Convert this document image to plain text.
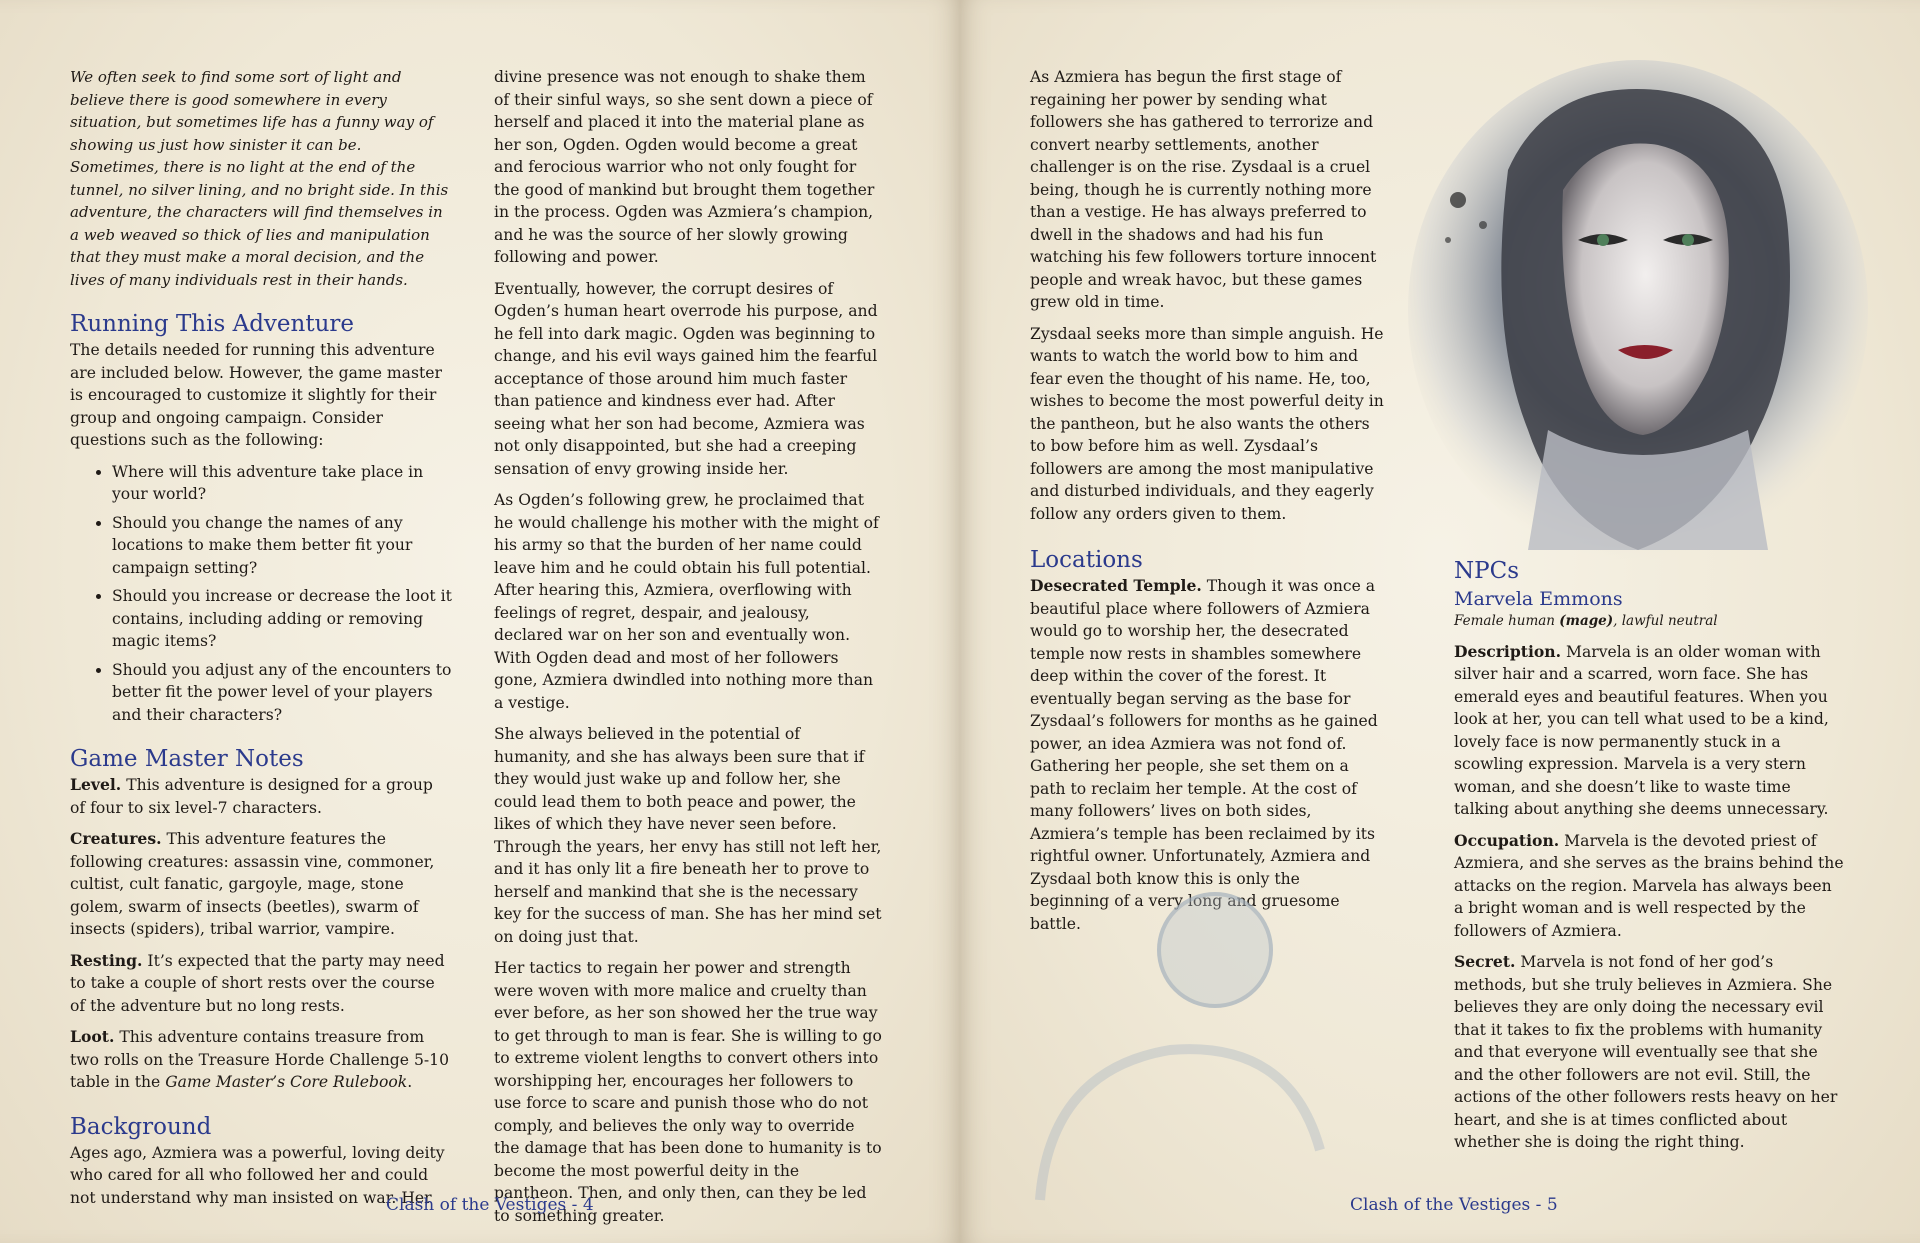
We often seek to find some sort of light and believe there is good somewhere in every situation, but sometimes life has a funny way of showing us just how sinister it can be. Sometimes, there is no light at the end of the tunnel, no silver lining, and no bright side. In this adventure, the characters will find themselves in a web weaved so thick of lies and manipulation that they must make a moral decision, and the lives of many individuals rest in their hands.

Running This Adventure

The details needed for running this adventure are included below. However, the game master is encouraged to customize it slightly for their group and ongoing campaign. Consider questions such as the following:

• Where will this adventure take place in your world?
• Should you change the names of any locations to make them better fit your campaign setting?
• Should you increase or decrease the loot it contains, including adding or removing magic items?
• Should you adjust any of the encounters to better fit the power level of your players and their characters?
Game Master Notes

Level. This adventure is designed for a group of four to six level-7 characters.

Creatures. This adventure features the following creatures: assassin vine, commoner, cultist, cult fanatic, gargoyle, mage, stone golem, swarm of insects (beetles), swarm of insects (spiders), tribal warrior, vampire.

Resting. It’s expected that the party may need to take a couple of short rests over the course of the adventure but no long rests.

Loot. This adventure contains treasure from two rolls on the Treasure Horde Challenge 5-10 table in the Game Master’s Core Rulebook.

Background

Ages ago, Azmiera was a powerful, loving deity who cared for all who followed her and could not understand why man insisted on war. Her

divine presence was not enough to shake them of their sinful ways, so she sent down a piece of herself and placed it into the material plane as her son, Ogden. Ogden would become a great and ferocious warrior who not only fought for the good of mankind but brought them together in the process. Ogden was Azmiera’s champion, and he was the source of her slowly growing following and power.

Eventually, however, the corrupt desires of Ogden’s human heart overrode his purpose, and he fell into dark magic. Ogden was beginning to change, and his evil ways gained him the fearful acceptance of those around him much faster than patience and kindness ever had. After seeing what her son had become, Azmiera was not only disappointed, but she had a creeping sensation of envy growing inside her.

As Ogden’s following grew, he proclaimed that he would challenge his mother with the might of his army so that the burden of her name could leave him and he could obtain his full potential. After hearing this, Azmiera, overflowing with feelings of regret, despair, and jealousy, declared war on her son and eventually won. With Ogden dead and most of her followers gone, Azmiera dwindled into nothing more than a vestige.

She always believed in the potential of humanity, and she has always been sure that if they would just wake up and follow her, she could lead them to both peace and power, the likes of which they have never seen before. Through the years, her envy has still not left her, and it has only lit a fire beneath her to prove to herself and mankind that she is the necessary key for the success of man. She has her mind set on doing just that.

Her tactics to regain her power and strength were woven with more malice and cruelty than ever before, as her son showed her the true way to get through to man is fear. She is willing to go to extreme violent lengths to convert others into worshipping her, encourages her followers to use force to scare and punish those who do not comply, and believes the only way to override the damage that has been done to humanity is to become the most powerful deity in the pantheon. Then, and only then, can they be led to something greater.

Clash of the Vestiges - 4

As Azmiera has begun the first stage of regaining her power by sending what followers she has gathered to terrorize and convert nearby settlements, another challenger is on the rise. Zysdaal is a cruel being, though he is currently nothing more than a vestige. He has always preferred to dwell in the shadows and had his fun watching his few followers torture innocent people and wreak havoc, but these games grew old in time.

Zysdaal seeks more than simple anguish. He wants to watch the world bow to him and fear even the thought of his name. He, too, wishes to become the most powerful deity in the pantheon, but he also wants the others to bow before him as well. Zysdaal’s followers are among the most manipulative and disturbed individuals, and they eagerly follow any orders given to them.

Locations

Desecrated Temple. Though it was once a beautiful place where followers of Azmiera would go to worship her, the desecrated temple now rests in shambles somewhere deep within the cover of the forest. It eventually began serving as the base for Zysdaal’s followers for months as he gained power, an idea Azmiera was not fond of. Gathering her people, she set them on a path to reclaim her temple. At the cost of many followers’ lives on both sides, Azmiera’s temple has been reclaimed by its rightful owner. Unfortunately, Azmiera and Zysdaal both know this is only the beginning of a very long and gruesome battle.

NPCs
Marvela Emmons

Female human (mage), lawful neutral

Description. Marvela is an older woman with silver hair and a scarred, worn face. She has emerald eyes and beautiful features. When you look at her, you can tell what used to be a kind, lovely face is now permanently stuck in a scowling expression. Marvela is a very stern woman, and she doesn’t like to waste time talking about anything she deems unnecessary.

Occupation. Marvela is the devoted priest of Azmiera, and she serves as the brains behind the attacks on the region. Marvela has always been a bright woman and is well respected by the followers of Azmiera.

Secret. Marvela is not fond of her god’s methods, but she truly believes in Azmiera. She believes they are only doing the necessary evil that it takes to fix the problems with humanity and that everyone will eventually see that she and the other followers are not evil. Still, the actions of the other followers rests heavy on her heart, and she is at times conflicted about whether she is doing the right thing.

Clash of the Vestiges - 5
